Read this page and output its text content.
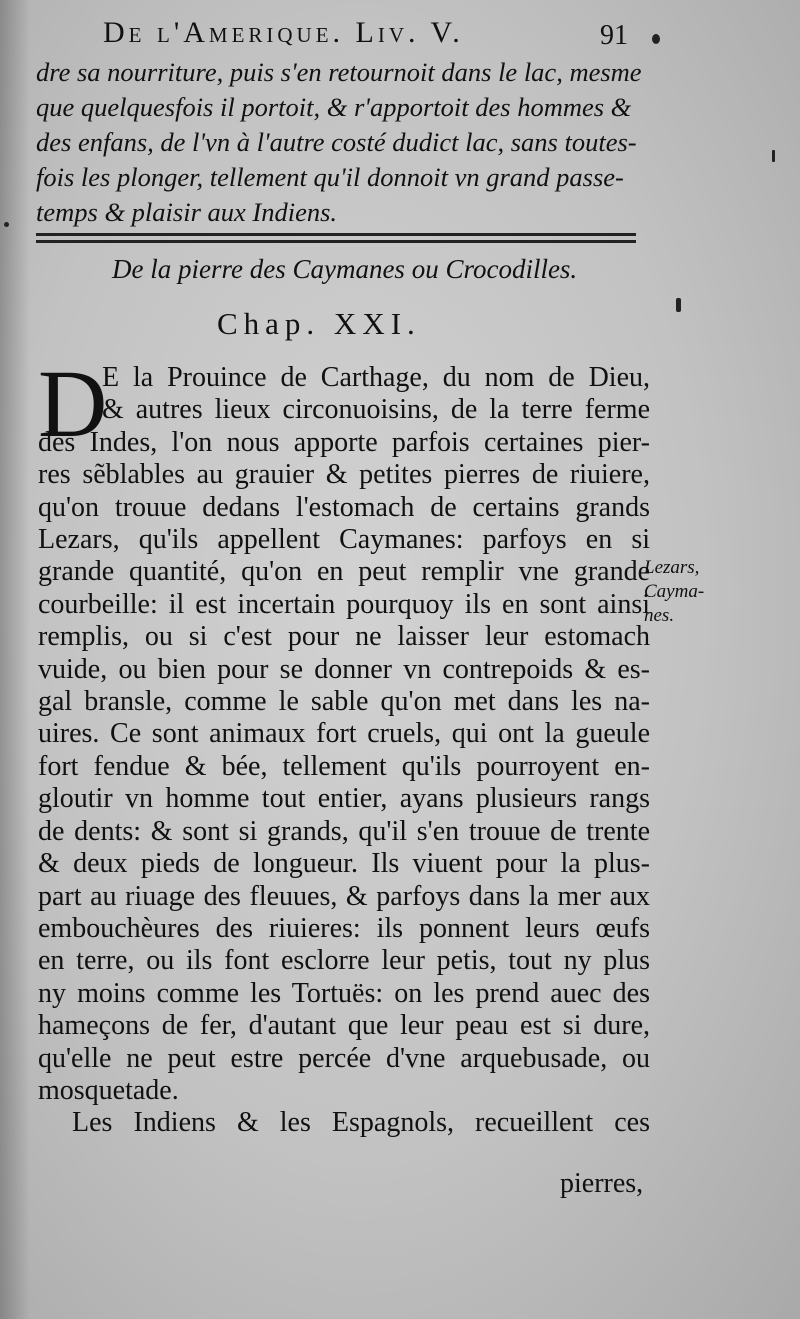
De l'Amerique. Liv. V.	91
dre sa nourriture, puis s'en retournoit dans le lac, mesme
que quelquesfois il portoit, & r'apportoit des hommes &
des enfans, de l'vn à l'autre costé dudict lac, sans toutes-
fois les plonger, tellement qu'il donnoit vn grand passe-
temps & plaisir aux Indiens.
De la pierre des Caymanes ou Crocodilles.
Chap. XXI.
D
E la Prouince de Carthage, du nom de Dieu,
& autres lieux circonuoisins, de la terre ferme
des Indes, l'on nous apporte parfois certaines pier-
res sẽblables au grauier & petites pierres de riuiere,
qu'on trouue dedans l'estomach de certains grands
Lezars, qu'ils appellent Caymanes: parfoys en si
grande quantité, qu'on en peut remplir vne grande
courbeille: il est incertain pourquoy ils en sont ainsi
remplis, ou si c'est pour ne laisser leur estomach
vuide, ou bien pour se donner vn contrepoids & es-
gal bransle, comme le sable qu'on met dans les na-
uires. Ce sont animaux fort cruels, qui ont la gueule
fort fendue & bée, tellement qu'ils pourroyent en-
gloutir vn homme tout entier, ayans plusieurs rangs
de dents: & sont si grands, qu'il s'en trouue de trente
& deux pieds de longueur. Ils viuent pour la plus-
part au riuage des fleuues, & parfoys dans la mer aux
embouchèures des riuieres: ils ponnent leurs œufs
en terre, ou ils font esclorre leur petis, tout ny plus
ny moins comme les Tortuës: on les prend auec des
hameçons de fer, d'autant que leur peau est si dure,
qu'elle ne peut estre percée d'vne arquebusade, ou
mosquetade.
Les Indiens & les Espagnols, recueillent ces
pierres,
Lezars,
Cayma-
nes.
